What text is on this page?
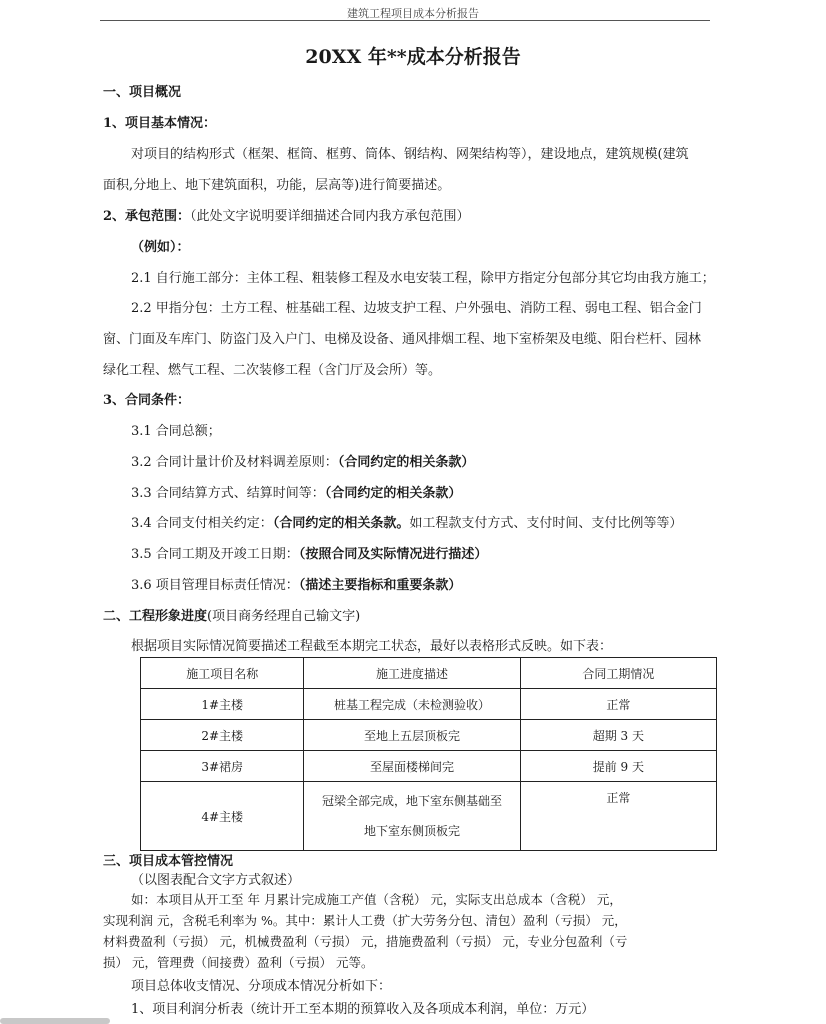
建筑工程项目成本分析报告
20XX 年**成本分析报告
一、项目概况
1、项目基本情况：
对项目的结构形式（框架、框筒、框剪、筒体、钢结构、网架结构等），建设地点，建筑规模(建筑
面积,分地上、地下建筑面积，功能，层高等)进行简要描述。
2、承包范围：（此处文字说明要详细描述合同内我方承包范围）
（例如）：
2.1 自行施工部分：主体工程、粗装修工程及水电安装工程，除甲方指定分包部分其它均由我方施工；
2.2 甲指分包：土方工程、桩基础工程、边坡支护工程、户外强电、消防工程、弱电工程、铝合金门
窗、门面及车库门、防盗门及入户门、电梯及设备、通风排烟工程、地下室桥架及电缆、阳台栏杆、园林
绿化工程、燃气工程、二次装修工程（含门厅及会所）等。
3、合同条件：
3.1 合同总额；
3.2 合同计量计价及材料调差原则：（合同约定的相关条款）
3.3 合同结算方式、结算时间等：（合同约定的相关条款）
3.4 合同支付相关约定：（合同约定的相关条款。如工程款支付方式、支付时间、支付比例等等）
3.5 合同工期及开竣工日期：（按照合同及实际情况进行描述）
3.6 项目管理目标责任情况：（描述主要指标和重要条款）
二、工程形象进度(项目商务经理自己输文字)
根据项目实际情况简要描述工程截至本期完工状态，最好以表格形式反映。如下表：
施工项目名称	施工进度描述	合同工期情况
1#主楼	桩基工程完成（未检测验收）	正常
2#主楼	至地上五层顶板完	超期 3 天
3#裙房	至屋面楼梯间完	提前 9 天
4#主楼	冠梁全部完成，地下室东侧基础至
地下室东侧顶板完	正常
三、项目成本管控情况
（以图表配合文字方式叙述）
如：本项目从开工至 年 月累计完成施工产值（含税） 元，实际支出总成本（含税） 元，
实现利润 元，含税毛利率为 %。其中：累计人工费（扩大劳务分包、清包）盈利（亏损） 元，
材料费盈利（亏损） 元，机械费盈利（亏损） 元，措施费盈利（亏损） 元，专业分包盈利（亏
损） 元，管理费（间接费）盈利（亏损） 元等。
项目总体收支情况、分项成本情况分析如下：
1、项目利润分析表（统计开工至本期的预算收入及各项成本利润，单位：万元）
